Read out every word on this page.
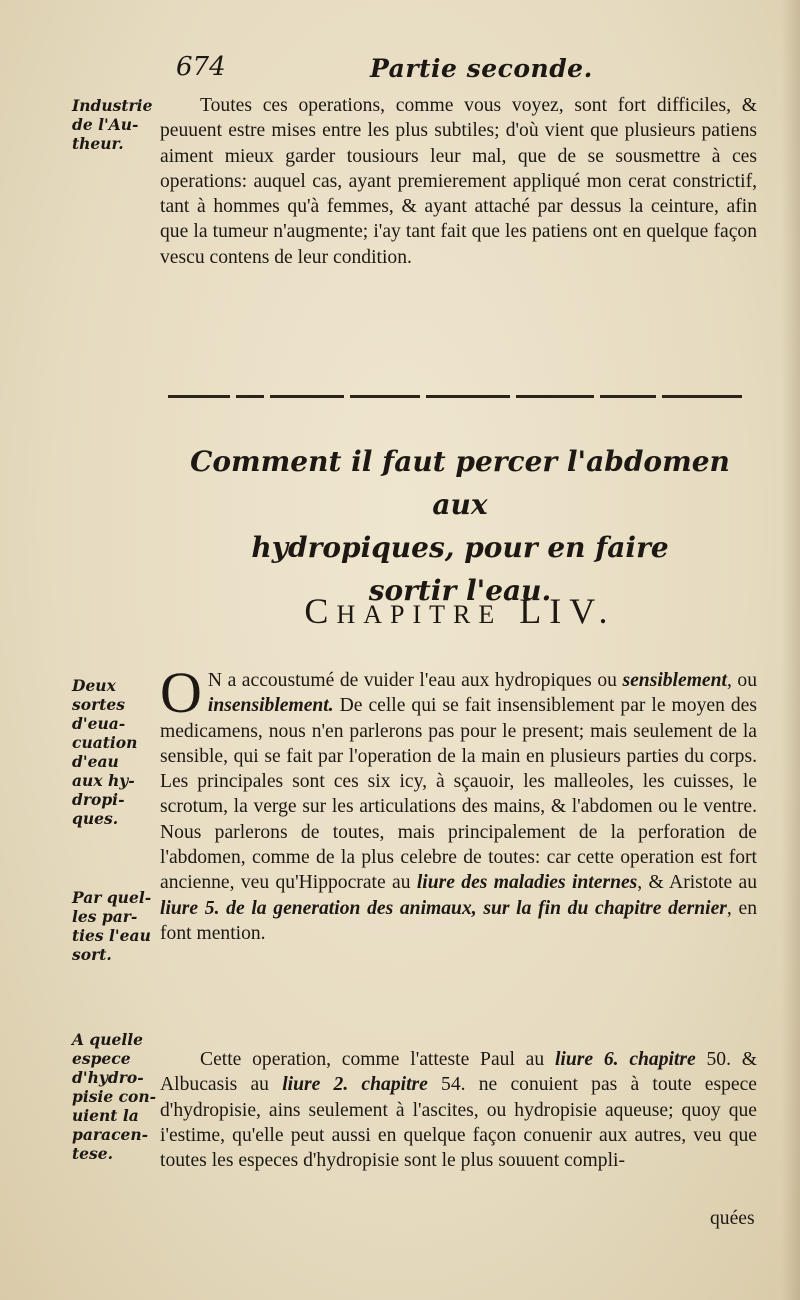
674	Partie seconde.
Industrie
de l'Au-
theur.

Toutes ces operations, comme vous voyez, sont fort difficiles, & peuuent estre mises entre les plus subtiles; d'où vient que plusieurs patiens aiment mieux garder tousiours leur mal, que de se sousmettre à ces operations: auquel cas, ayant premierement appliqué mon cerat constrictif, tant à hommes qu'à femmes, & ayant attaché par dessus la ceinture, afin que la tumeur n'augmente; i'ay tant fait que les patiens ont en quelque façon vescu contens de leur condition.

Comment il faut percer l'abdomen aux
hydropiques, pour en faire
sortir l'eau.
CHAPITRE LIV.
Deux
sortes
d'eua-
cuation
d'eau
aux hy-
dropi-
ques.
Par quel-
les par-
ties l'eau
sort.
A quelle
espece
d'hydro-
pisie con-
uient la
paracen-
tese.

O N a accoustumé de vuider l'eau aux hydropiques ou sensiblement, ou insensiblement. De celle qui se fait insensiblement par le moyen des medicamens, nous n'en parlerons pas pour le present; mais seulement de la sensible, qui se fait par l'operation de la main en plusieurs parties du corps. Les principales sont ces six icy, à sçauoir, les malleoles, les cuisses, le scrotum, la verge sur les articulations des mains, & l'abdomen ou le ventre. Nous parlerons de toutes, mais principalement de la perforation de l'abdomen, comme de la plus celebre de toutes: car cette operation est fort ancienne, veu qu'Hippocrate au liure des maladies internes, & Aristote au liure 5. de la generation des animaux, sur la fin du chapitre dernier, en font mention.

Cette operation, comme l'atteste Paul au liure 6. chapitre 50. & Albucasis au liure 2. chapitre 54. ne conuient pas à toute espece d'hydropisie, ains seulement à l'ascites, ou hydropisie aqueuse; quoy que i'estime, qu'elle peut aussi en quelque façon conuenir aux autres, veu que toutes les especes d'hydropisie sont le plus souuent compli-

quées
